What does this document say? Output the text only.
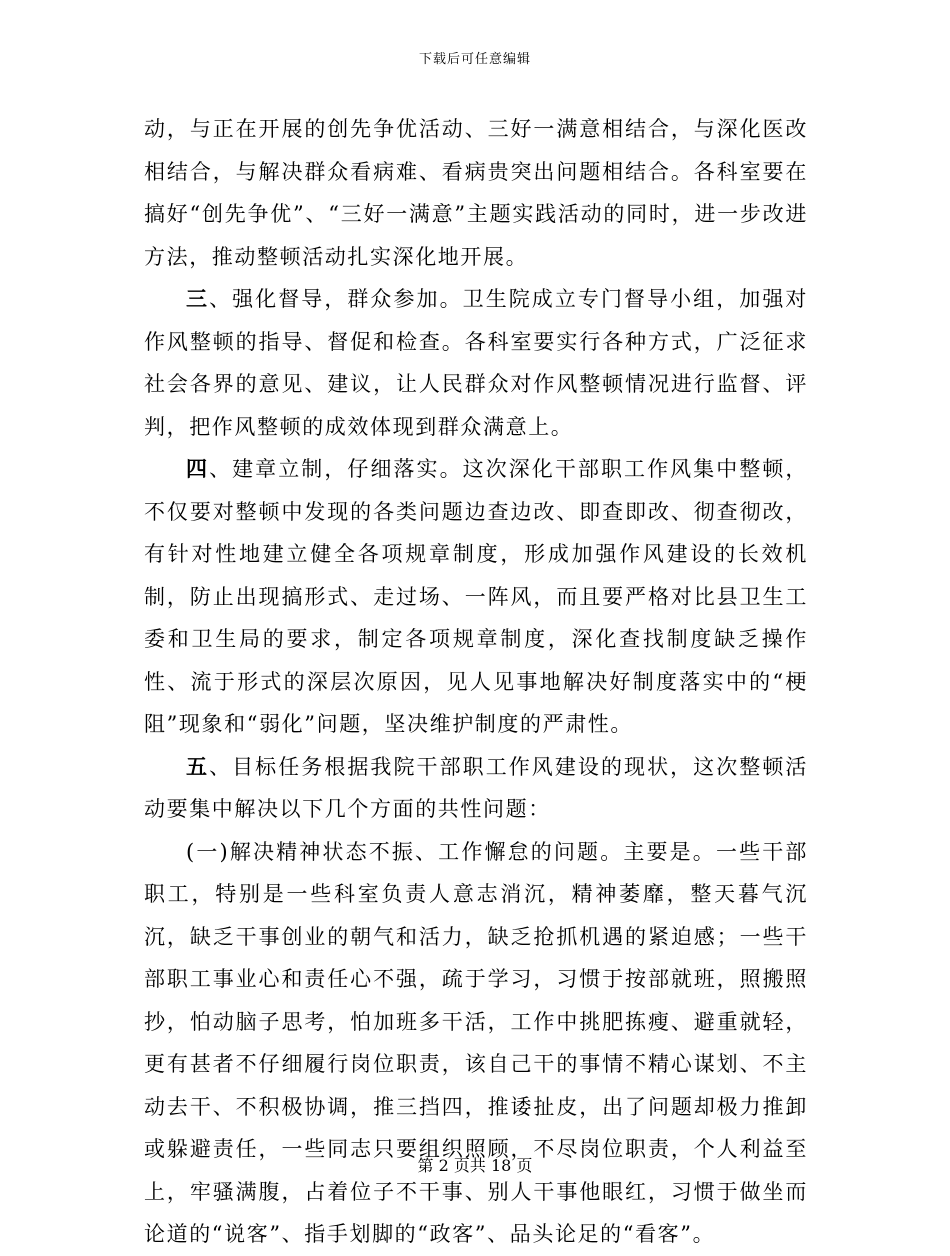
下载后可任意编辑

动，与正在开展的创先争优活动、三好一满意相结合，与深化医改相结合，与解决群众看病难、看病贵突出问题相结合。各科室要在搞好“创先争优”、“三好一满意”主题实践活动的同时，进一步改进方法，推动整顿活动扎实深化地开展。

三、强化督导，群众参加。卫生院成立专门督导小组，加强对作风整顿的指导、督促和检查。各科室要实行各种方式，广泛征求社会各界的意见、建议，让人民群众对作风整顿情况进行监督、评判，把作风整顿的成效体现到群众满意上。

四、建章立制，仔细落实。这次深化干部职工作风集中整顿，不仅要对整顿中发现的各类问题边查边改、即查即改、彻查彻改，有针对性地建立健全各项规章制度，形成加强作风建设的长效机制，防止出现搞形式、走过场、一阵风，而且要严格对比县卫生工委和卫生局的要求，制定各项规章制度，深化查找制度缺乏操作性、流于形式的深层次原因，见人见事地解决好制度落实中的“梗阻”现象和“弱化”问题，坚决维护制度的严肃性。

五、目标任务根据我院干部职工作风建设的现状，这次整顿活动要集中解决以下几个方面的共性问题：

(一)解决精神状态不振、工作懈怠的问题。主要是。一些干部职工，特别是一些科室负责人意志消沉，精神萎靡，整天暮气沉沉，缺乏干事创业的朝气和活力，缺乏抢抓机遇的紧迫感；一些干部职工事业心和责任心不强，疏于学习，习惯于按部就班，照搬照抄，怕动脑子思考，怕加班多干活，工作中挑肥拣瘦、避重就轻，更有甚者不仔细履行岗位职责，该自己干的事情不精心谋划、不主动去干、不积极协调，推三挡四，推诿扯皮，出了问题却极力推卸或躲避责任，一些同志只要组织照顾，不尽岗位职责，个人利益至上，牢骚满腹，占着位子不干事、别人干事他眼红，习惯于做坐而论道的“说客”、指手划脚的“政客”、品头论足的“看客”。

第 2 页共 18 页
